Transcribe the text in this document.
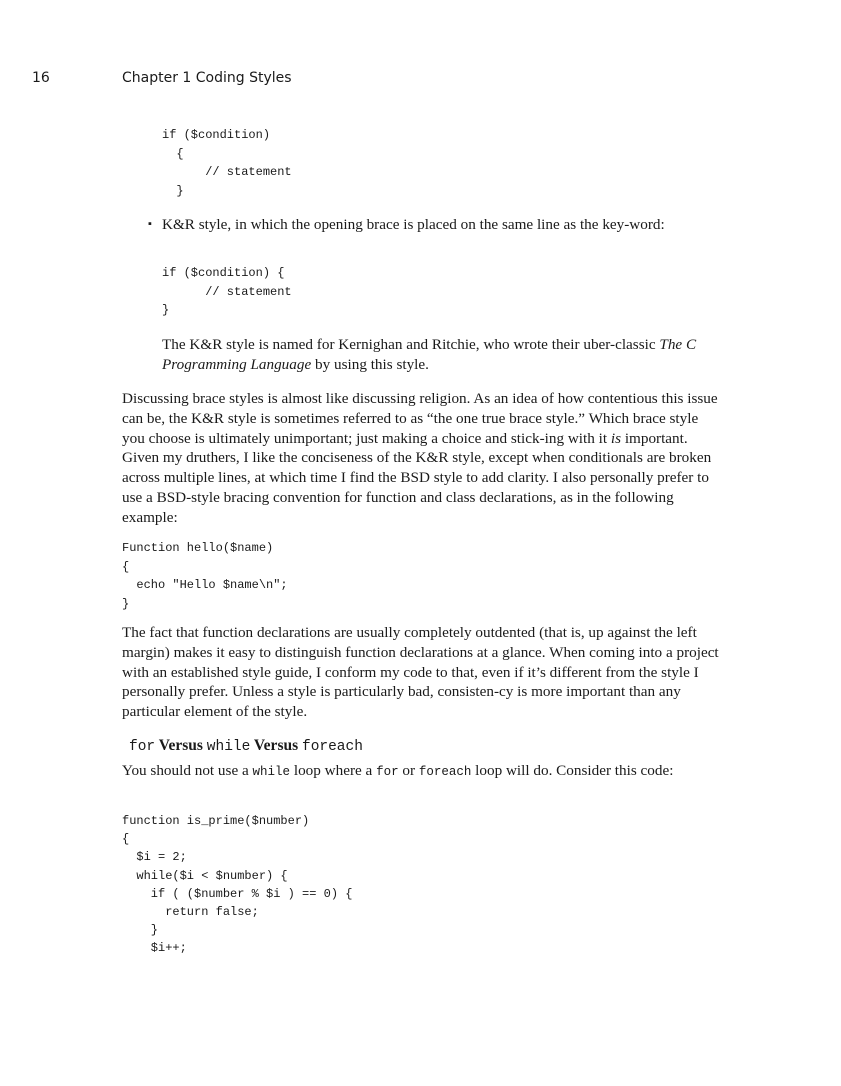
16	Chapter 1 Coding Styles
if ($condition)
{
// statement
}
▪ K&R style, in which the opening brace is placed on the same line as the key-word:

if ($condition) {
// statement
}

The K&R style is named for Kernighan and Ritchie, who wrote their uber-classic The C Programming Language by using this style.

Discussing brace styles is almost like discussing religion. As an idea of how contentious this issue can be, the K&R style is sometimes referred to as “the one true brace style.” Which brace style you choose is ultimately unimportant; just making a choice and stick-ing with it is important. Given my druthers, I like the conciseness of the K&R style, except when conditionals are broken across multiple lines, at which time I find the BSD style to add clarity. I also personally prefer to use a BSD-style bracing convention for function and class declarations, as in the following example:

Function hello($name)
{
echo "Hello $name\n";
}

The fact that function declarations are usually completely outdented (that is, up against the left margin) makes it easy to distinguish function declarations at a glance. When coming into a project with an established style guide, I conform my code to that, even if it’s different from the style I personally prefer. Unless a style is particularly bad, consisten-cy is more important than any particular element of the style.

for Versus while Versus foreach

You should not use a while loop where a for or foreach loop will do. Consider this code:

function is_prime($number)
{
$i = 2;
while($i < $number) {
if ( ($number % $i ) == 0) {
return false;
}
$i++;
